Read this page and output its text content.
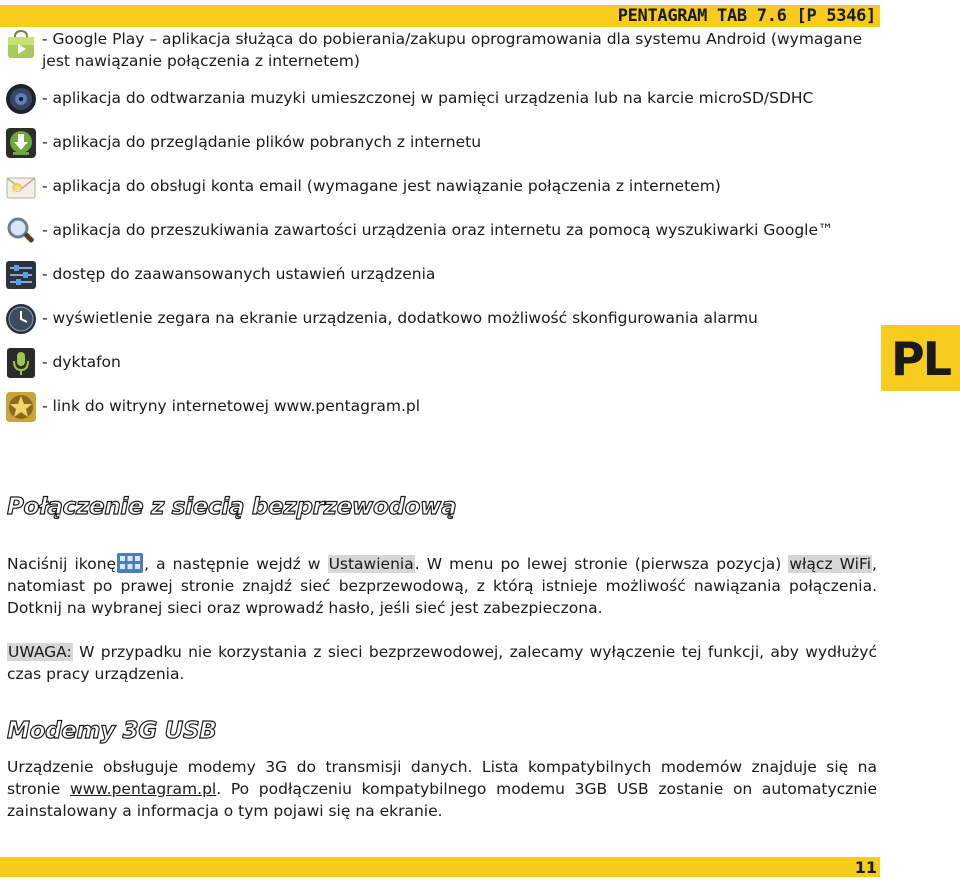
PENTAGRAM TAB 7.6 [P 5346]
- Google Play – aplikacja służąca do pobierania/zakupu oprogramowania dla systemu Android (wymagane jest nawiązanie połączenia z internetem)
- aplikacja do odtwarzania muzyki umieszczonej w pamięci urządzenia lub na karcie microSD/SDHC
- aplikacja do przeglądanie plików pobranych z internetu
@ - aplikacja do obsługi konta email (wymagane jest nawiązanie połączenia z internetem)
- aplikacja do przeszukiwania zawartości urządzenia oraz internetu za pomocą wyszukiwarki Google™
- dostęp do zaawansowanych ustawień urządzenia
- wyświetlenie zegara na ekranie urządzenia, dodatkowo możliwość skonfigurowania alarmu
- dyktafon
- link do witryny internetowej www.pentagram.pl
PL
Połączenie z siecią bezprzewodową
Naciśnij ikonę , a następnie wejdź w Ustawienia. W menu po lewej stronie (pierwsza pozycja) włącz WiFi, natomiast po prawej stronie znajdź sieć bezprzewodową, z którą istnieje możliwość nawiązania połączenia. Dotknij na wybranej sieci oraz wprowadź hasło, jeśli sieć jest zabezpieczona.
UWAGA: W przypadku nie korzystania z sieci bezprzewodowej, zalecamy wyłączenie tej funkcji, aby wydłużyć czas pracy urządzenia.
Modemy 3G USB
Urządzenie obsługuje modemy 3G do transmisji danych. Lista kompatybilnych modemów znajduje się na stronie www.pentagram.pl. Po podłączeniu kompatybilnego modemu 3GB USB zostanie on automatycznie zainstalowany a informacja o tym pojawi się na ekranie.
11
